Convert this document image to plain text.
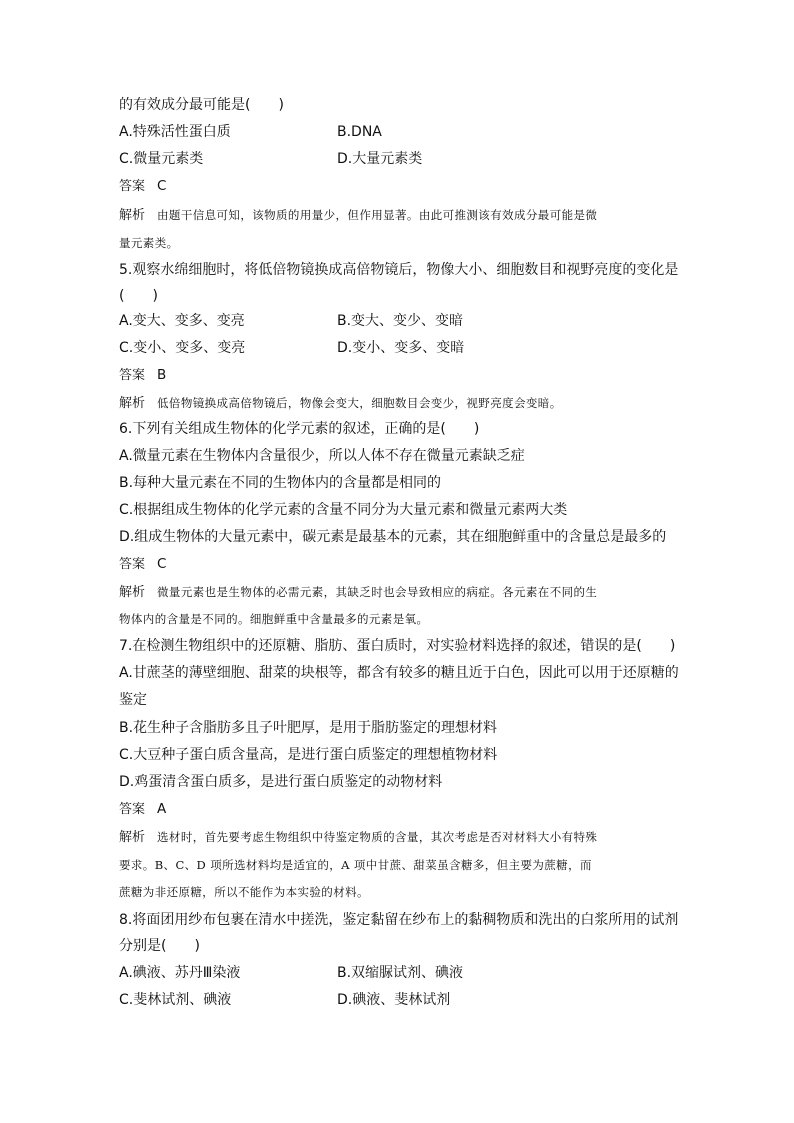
的有效成分最可能是(　　)
A.特殊活性蛋白质	B.DNA
C.微量元素类	D.大量元素类
答案 C
解析 由题干信息可知，该物质的用量少，但作用显著。由此可推测该有效成分最可能是微
量元素类。
5.观察水绵细胞时，将低倍物镜换成高倍物镜后，物像大小、细胞数目和视野亮度的变化是
(　　)
A.变大、变多、变亮	B.变大、变少、变暗
C.变小、变多、变亮	D.变小、变多、变暗
答案 B
解析 低倍物镜换成高倍物镜后，物像会变大，细胞数目会变少，视野亮度会变暗。
6.下列有关组成生物体的化学元素的叙述，正确的是(　　)
A.微量元素在生物体内含量很少，所以人体不存在微量元素缺乏症
B.每种大量元素在不同的生物体内的含量都是相同的
C.根据组成生物体的化学元素的含量不同分为大量元素和微量元素两大类
D.组成生物体的大量元素中，碳元素是最基本的元素，其在细胞鲜重中的含量总是最多的
答案 C
解析 微量元素也是生物体的必需元素，其缺乏时也会导致相应的病症。各元素在不同的生
物体内的含量是不同的。细胞鲜重中含量最多的元素是氧。
7.在检测生物组织中的还原糖、脂肪、蛋白质时，对实验材料选择的叙述，错误的是(　　)
A.甘蔗茎的薄壁细胞、甜菜的块根等，都含有较多的糖且近于白色，因此可以用于还原糖的
鉴定
B.花生种子含脂肪多且子叶肥厚，是用于脂肪鉴定的理想材料
C.大豆种子蛋白质含量高，是进行蛋白质鉴定的理想植物材料
D.鸡蛋清含蛋白质多，是进行蛋白质鉴定的动物材料
答案 A
解析 选材时，首先要考虑生物组织中待鉴定物质的含量，其次考虑是否对材料大小有特殊
要求。B、C、D 项所选材料均是适宜的，A 项中甘蔗、甜菜虽含糖多，但主要为蔗糖，而
蔗糖为非还原糖，所以不能作为本实验的材料。
8.将面团用纱布包裹在清水中搓洗，鉴定黏留在纱布上的黏稠物质和洗出的白浆所用的试剂
分别是(　　)
A.碘液、苏丹Ⅲ染液	B.双缩脲试剂、碘液
C.斐林试剂、碘液	D.碘液、斐林试剂
